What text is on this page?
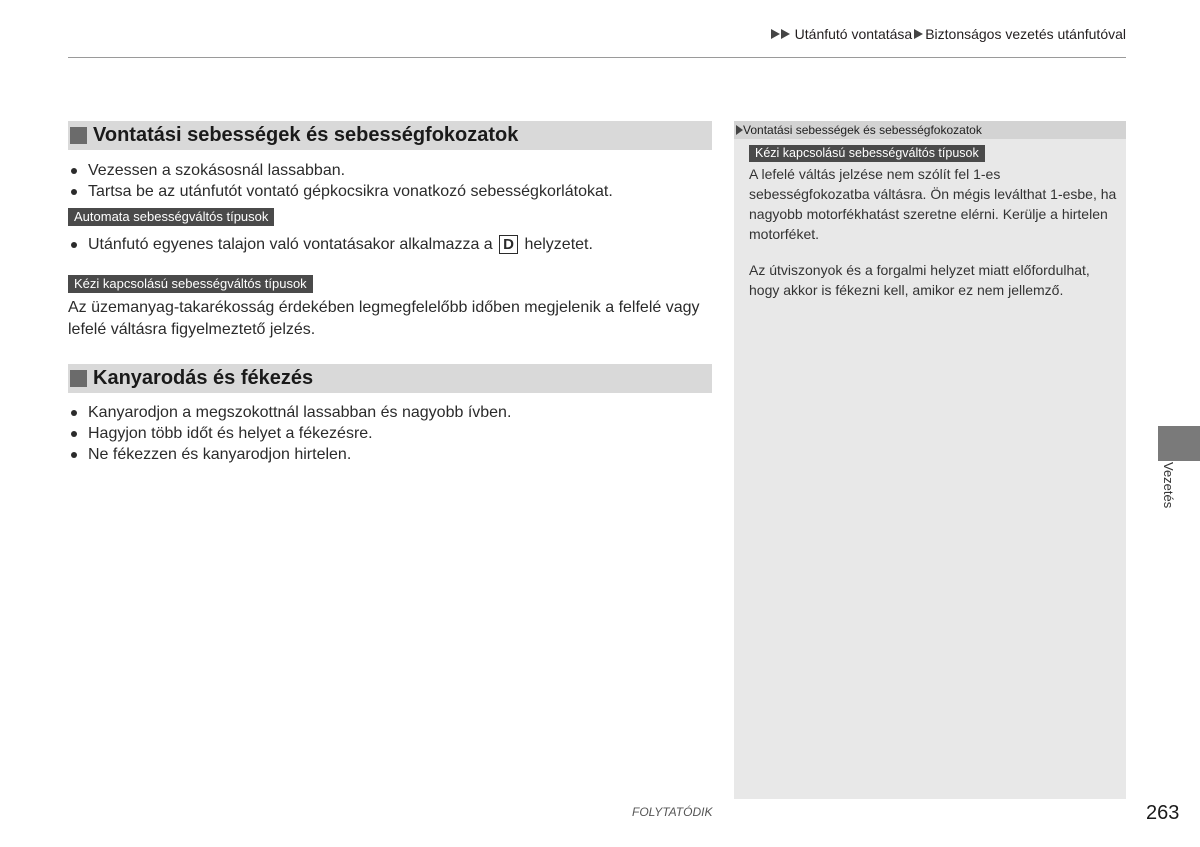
Utánfutó vontatása Biztonságos vezetés utánfutóval
Vontatási sebességek és sebességfokozatok
Vezessen a szokásosnál lassabban.
Tartsa be az utánfutót vontató gépkocsikra vonatkozó sebességkorlátokat.
Automata sebességváltós típusok
Utánfutó egyenes talajon való vontatásakor alkalmazza a D helyzetet.
Kézi kapcsolású sebességváltós típusok

Az üzemanyag-takarékosság érdekében legmegfelelőbb időben megjelenik a felfelé vagy lefelé váltásra figyelmeztető jelzés.

Kanyarodás és fékezés
Kanyarodjon a megszokottnál lassabban és nagyobb ívben.
Hagyjon több időt és helyet a fékezésre.
Ne fékezzen és kanyarodjon hirtelen.
Vontatási sebességek és sebességfokozatok
Kézi kapcsolású sebességváltós típusok

A lefelé váltás jelzése nem szólít fel 1-es sebességfokozatba váltásra. Ön mégis leválthat 1-esbe, ha nagyobb motorfékhatást szeretne elérni. Kerülje a hirtelen motorféket.

Az útviszonyok és a forgalmi helyzet miatt előfordulhat, hogy akkor is fékezni kell, amikor ez nem jellemző.

Vezetés
FOLYTATÓDIK	263
